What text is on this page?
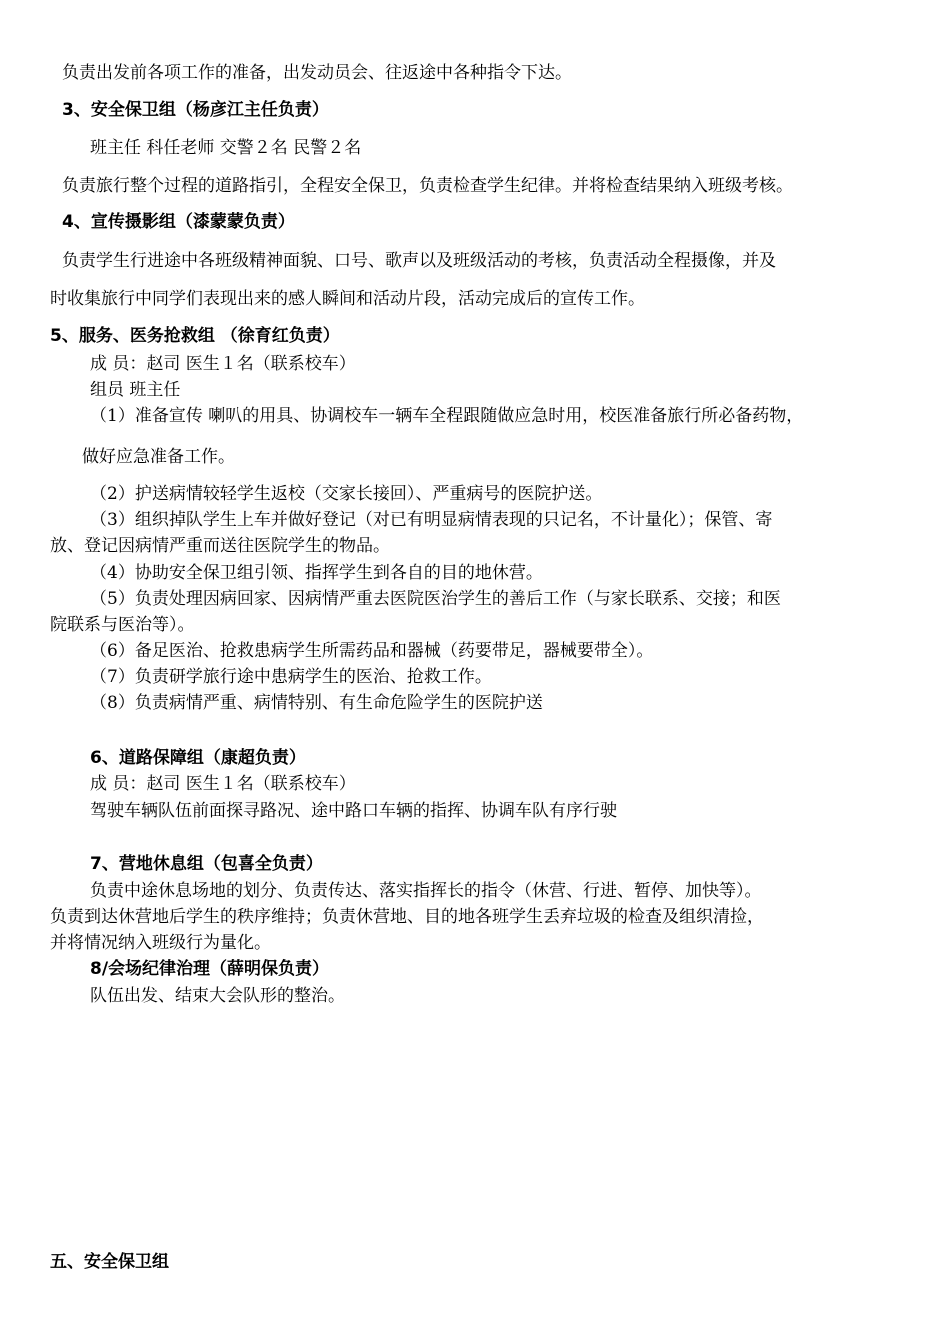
负责出发前各项工作的准备，出发动员会、往返途中各种指令下达。
3、安全保卫组（杨彦江主任负责）
班主任 科任老师 交警２名 民警２名
负责旅行整个过程的道路指引，全程安全保卫，负责检查学生纪律。并将检查结果纳入班级考核。
4、宣传摄影组（漆蒙蒙负责）
负责学生行进途中各班级精神面貌、口号、歌声以及班级活动的考核，负责活动全程摄像，并及
时收集旅行中同学们表现出来的感人瞬间和活动片段，活动完成后的宣传工作。
5、服务、医务抢救组 （徐育红负责）
成 员：赵司 医生１名（联系校车）
组员 班主任
（1）准备宣传 喇叭的用具、协调校车一辆车全程跟随做应急时用，校医准备旅行所必备药物，
做好应急准备工作。
（2）护送病情较轻学生返校（交家长接回）、严重病号的医院护送。
（3）组织掉队学生上车并做好登记（对已有明显病情表现的只记名，不计量化）；保管、寄
放、登记因病情严重而送往医院学生的物品。
（4）协助安全保卫组引领、指挥学生到各自的目的地休营。
（5）负责处理因病回家、因病情严重去医院医治学生的善后工作（与家长联系、交接；和医
院联系与医治等）。
（6）备足医治、抢救患病学生所需药品和器械（药要带足，器械要带全）。
（7）负责研学旅行途中患病学生的医治、抢救工作。
（8）负责病情严重、病情特别、有生命危险学生的医院护送
6、道路保障组（康超负责）
成 员：赵司 医生１名（联系校车）
驾驶车辆队伍前面探寻路况、途中路口车辆的指挥、协调车队有序行驶
7、营地休息组（包喜全负责）
负责中途休息场地的划分、负责传达、落实指挥长的指令（休营、行进、暂停、加快等）。
负责到达休营地后学生的秩序维持；负责休营地、目的地各班学生丢弃垃圾的检查及组织清捡，
并将情况纳入班级行为量化。
8/会场纪律治理（薛明保负责）
队伍出发、结束大会队形的整治。
五、安全保卫组
